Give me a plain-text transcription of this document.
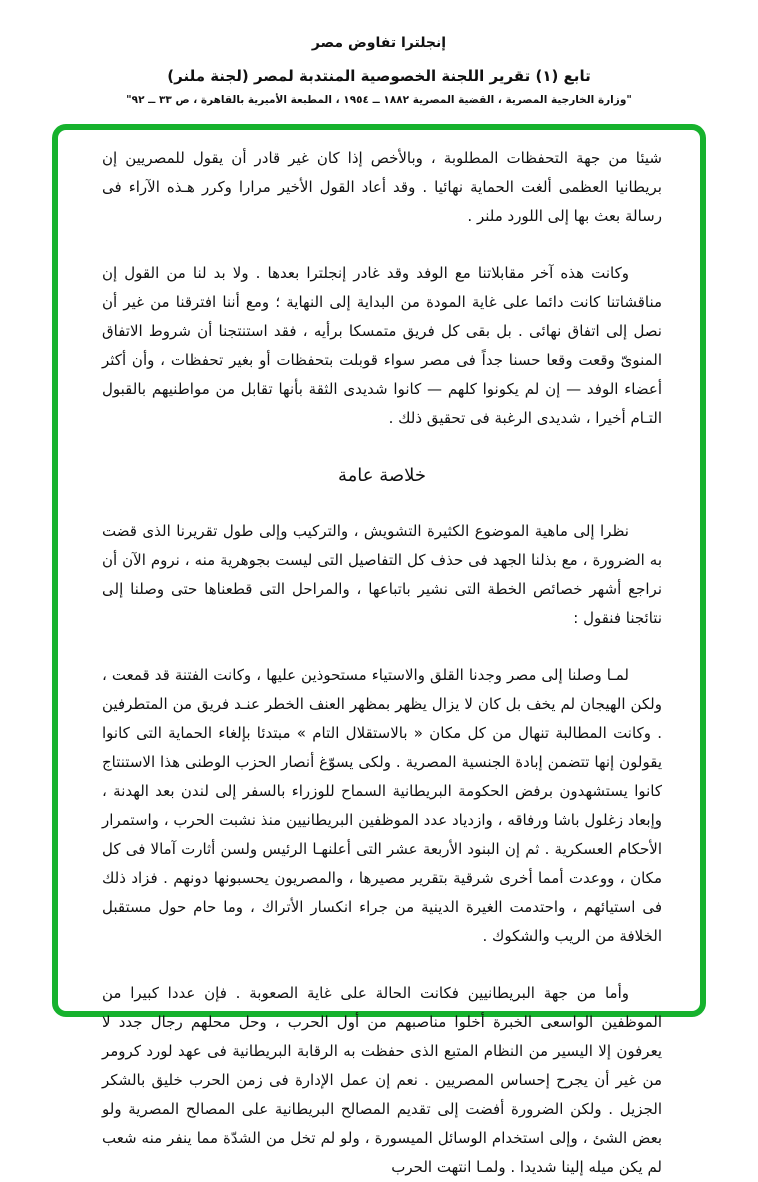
إنجلترا تفاوض مصر
تابع (١) تقرير اللجنة الخصوصية المنتدبة لمصر (لجنة ملنر)
"وزارة الخارجية المصرية ، القضية المصرية ١٨٨٢ ــ ١٩٥٤ ، المطبعة الأميرية بالقاهرة ، ص ٣٣ ــ ٩٢"

شيئا من جهة التحفظات المطلوبة ، وبالأخص إذا كان غير قادر أن يقول للمصريين إن بريطانيا العظمى ألغت الحماية نهائيا . وقد أعاد القول الأخير مرارا وكرر هـذه الآراء فى رسالة بعث بها إلى اللورد ملنر .

وكانت هذه آخر مقابلاتنا مع الوفد وقد غادر إنجلترا بعدها . ولا بد لنا من القول إن مناقشاتنا كانت دائما على غاية المودة من البداية إلى النهاية ؛ ومع أننا افترقنا من غير أن نصل إلى اتفاق نهائى . بل بقى كل فريق متمسكا برأيه ، فقد استنتجنا أن شروط الاتفاق المنوىّ وقعت وقعا حسنا جداً فى مصر سواء قوبلت بتحفظات أو بغير تحفظات ، وأن أكثر أعضاء الوفد — إن لم يكونوا كلهم — كانوا شديدى الثقة بأنها تقابل من مواطنيهم بالقبول التـام أخيرا ، شديدى الرغبة فى تحقيق ذلك .

خلاصة عامة

نظرا إلى ماهية الموضوع الكثيرة التشويش ، والتركيب وإلى طول تقريرنا الذى قضت به الضرورة ، مع بذلنا الجهد فى حذف كل التفاصيل التى ليست بجوهرية منه ، نروم الآن أن نراجع أشهر خصائص الخطة التى نشير باتباعها ، والمراحل التى قطعناها حتى وصلنا إلى نتائجنا فنقول :

لمـا وصلنا إلى مصر وجدنا القلق والاستياء مستحوذين عليها ، وكانت الفتنة قد قمعت ، ولكن الهيجان لم يخف بل كان لا يزال يظهر بمظهر العنف الخطر عنـد فريق من المتطرفين . وكانت المطالبة تنهال من كل مكان « بالاستقلال التام » مبتدئا بإلغاء الحماية التى كانوا يقولون إنها تتضمن إبادة الجنسية المصرية . ولكى يسوّغ أنصار الحزب الوطنى هذا الاستنتاج كانوا يستشهدون برفض الحكومة البريطانية السماح للوزراء بالسفر إلى لندن بعد الهدنة ، وإبعاد زغلول باشا ورفاقه ، وازدياد عدد الموظفين البريطانيين منذ نشبت الحرب ، واستمرار الأحكام العسكرية . ثم إن البنود الأربعة عشر التى أعلنهـا الرئيس ولسن أثارت آمالا فى كل مكان ، ووعدت أمما أخرى شرقية بتقرير مصيرها ، والمصريون يحسبونها دونهم . فزاد ذلك فى استيائهم ، واحتدمت الغيرة الدينية من جراء انكسار الأتراك ، وما حام حول مستقبل الخلافة من الريب والشكوك .

وأما من جهة البريطانيين فكانت الحالة على غاية الصعوبة . فإن عددا كبيرا من الموظفين الواسعى الخبرة أخلوا مناصبهم من أول الحرب ، وحل محلهم رجال جدد لا يعرفون إلا اليسير من النظام المتبع الذى حفظت به الرقابة البريطانية فى عهد لورد كرومر من غير أن يجرح إحساس المصريين . نعم إن عمل الإدارة فى زمن الحرب خليق بالشكر الجزيل . ولكن الضرورة أفضت إلى تقديم المصالح البريطانية على المصالح المصرية ولو بعض الشئ ، وإلى استخدام الوسائل الميسورة ، ولو لم تخل من الشدّة مما ينفر منه شعب لم يكن ميله إلينا شديدا . ولمـا انتهت الحرب
